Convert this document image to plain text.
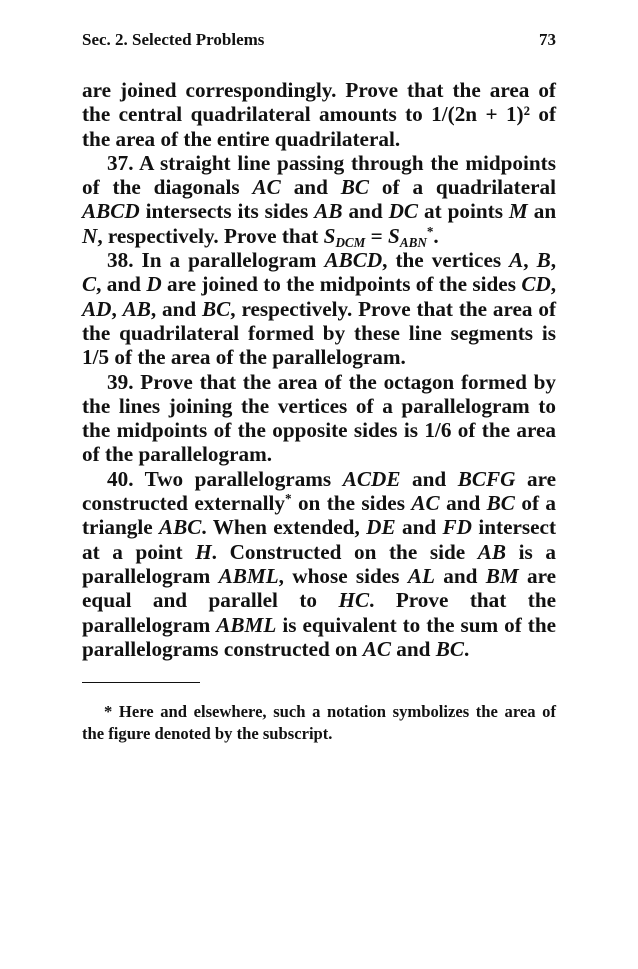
Sec. 2. Selected Problems	73

are joined correspondingly. Prove that the area of the central quadrilateral amounts to 1/(2n + 1)² of the area of the entire quadrilateral.

37. A straight line passing through the midpoints of the diagonals AC and BC of a quadrilateral ABCD intersects its sides AB and DC at points M an N, respectively. Prove that $S_{DCM} = S_{ABN}^*$.

38. In a parallelogram ABCD, the vertices A, B, C, and D are joined to the midpoints of the sides CD, AD, AB, and BC, respectively. Prove that the area of the quadrilateral formed by these line segments is 1/5 of the area of the parallelogram.

39. Prove that the area of the octagon formed by the lines joining the vertices of a parallelogram to the midpoints of the opposite sides is 1/6 of the area of the parallelogram.

40. Two parallelograms ACDE and BCFG are constructed externally* on the sides AC and BC of a triangle ABC. When extended, DE and FD intersect at a point H. Constructed on the side AB is a parallelogram ABML, whose sides AL and BM are equal and parallel to HC. Prove that the parallelogram ABML is equivalent to the sum of the parallelograms constructed on AC and BC.

* Here and elsewhere, such a notation symbolizes the area of the figure denoted by the subscript.
